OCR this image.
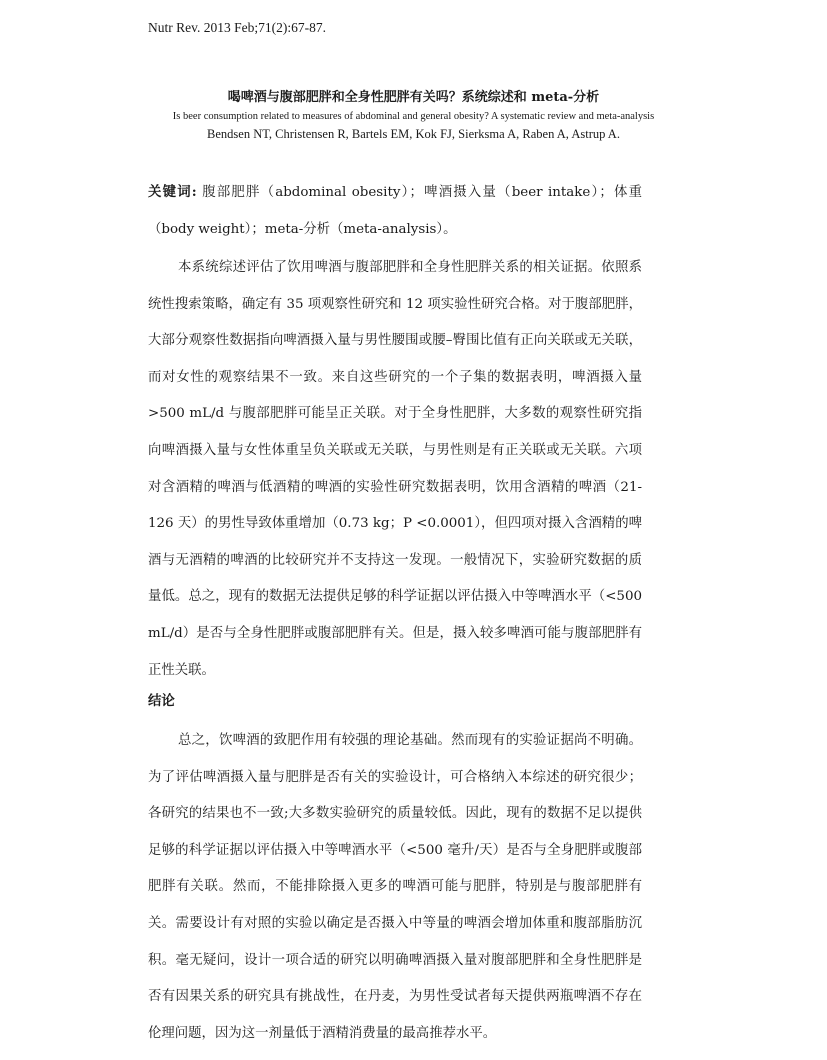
Nutr Rev. 2013 Feb;71(2):67-87.
喝啤酒与腹部肥胖和全身性肥胖有关吗？系统综述和 meta-分析
Is beer consumption related to measures of abdominal and general obesity? A systematic review and meta-analysis
Bendsen NT, Christensen R, Bartels EM, Kok FJ, Sierksma A, Raben A, Astrup A.

关键词: 腹部肥胖（abdominal obesity）；啤酒摄入量（beer intake）；体重（body weight）；meta-分析（meta-analysis）。

本系统综述评估了饮用啤酒与腹部肥胖和全身性肥胖关系的相关证据。依照系统性搜索策略，确定有 35 项观察性研究和 12 项实验性研究合格。对于腹部肥胖，大部分观察性数据指向啤酒摄入量与男性腰围或腰–臀围比值有正向关联或无关联，而对女性的观察结果不一致。来自这些研究的一个子集的数据表明，啤酒摄入量>500 mL/d 与腹部肥胖可能呈正关联。对于全身性肥胖，大多数的观察性研究指向啤酒摄入量与女性体重呈负关联或无关联，与男性则是有正关联或无关联。六项对含酒精的啤酒与低酒精的啤酒的实验性研究数据表明，饮用含酒精的啤酒（21-126 天）的男性导致体重增加（0.73 kg；P <0.0001），但四项对摄入含酒精的啤酒与无酒精的啤酒的比较研究并不支持这一发现。一般情况下，实验研究数据的质量低。总之，现有的数据无法提供足够的科学证据以评估摄入中等啤酒水平（<500 mL/d）是否与全身性肥胖或腹部肥胖有关。但是，摄入较多啤酒可能与腹部肥胖有正性关联。

结论

总之，饮啤酒的致肥作用有较强的理论基础。然而现有的实验证据尚不明确。为了评估啤酒摄入量与肥胖是否有关的实验设计，可合格纳入本综述的研究很少；各研究的结果也不一致;大多数实验研究的质量较低。因此，现有的数据不足以提供足够的科学证据以评估摄入中等啤酒水平（<500 毫升/天）是否与全身肥胖或腹部肥胖有关联。然而，不能排除摄入更多的啤酒可能与肥胖，特别是与腹部肥胖有关。需要设计有对照的实验以确定是否摄入中等量的啤酒会增加体重和腹部脂肪沉积。毫无疑问，设计一项合适的研究以明确啤酒摄入量对腹部肥胖和全身性肥胖是否有因果关系的研究具有挑战性，在丹麦，为男性受试者每天提供两瓶啤酒不存在伦理问题，因为这一剂量低于酒精消费量的最高推荐水平。
